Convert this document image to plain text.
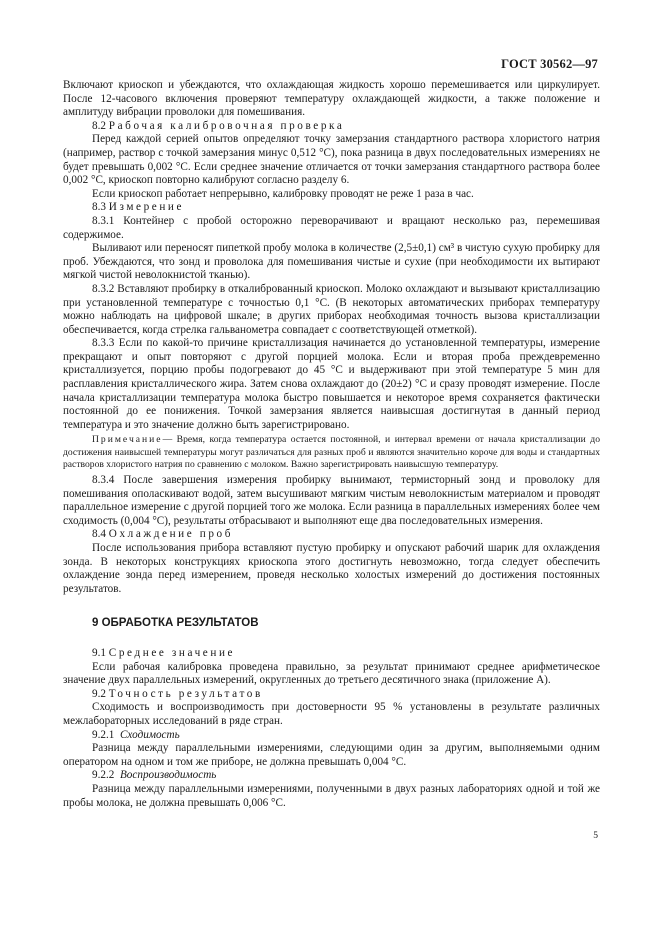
ГОСТ 30562—97

Включают криоскоп и убеждаются, что охлаждающая жидкость хорошо перемешивается или циркулирует. После 12-часового включения проверяют температуру охлаждающей жидкости, а также положение и амплитуду вибрации проволоки для помешивания.

8.2 Рабочая калибровочная проверка

Перед каждой серией опытов определяют точку замерзания стандартного раствора хлористого натрия (например, раствор с точкой замерзания минус 0,512 °С), пока разница в двух последовательных измерениях не будет превышать 0,002 °С. Если среднее значение отличается от точки замерзания стандартного раствора более 0,002 °С, криоскоп повторно калибруют согласно разделу 6.

Если криоскоп работает непрерывно, калибровку проводят не реже 1 раза в час.

8.3 Измерение

8.3.1 Контейнер с пробой осторожно переворачивают и вращают несколько раз, перемешивая содержимое.

Выливают или переносят пипеткой пробу молока в количестве (2,5±0,1) см³ в чистую сухую пробирку для проб. Убеждаются, что зонд и проволока для помешивания чистые и сухие (при необходимости их вытирают мягкой чистой неволокнистой тканью).

8.3.2 Вставляют пробирку в откалиброванный криоскоп. Молоко охлаждают и вызывают кристаллизацию при установленной температуре с точностью 0,1 °С. (В некоторых автоматических приборах температуру можно наблюдать на цифровой шкале; в других приборах необходимая точность вызова кристаллизации обеспечивается, когда стрелка гальванометра совпадает с соответствующей отметкой).

8.3.3 Если по какой-то причине кристаллизация начинается до установленной температуры, измерение прекращают и опыт повторяют с другой порцией молока. Если и вторая проба преждевременно кристаллизуется, порцию пробы подогревают до 45 °С и выдерживают при этой температуре 5 мин для расплавления кристаллического жира. Затем снова охлаждают до (20±2) °С и сразу проводят измерение. После начала кристаллизации температура молока быстро повышается и некоторое время сохраняется фактически постоянной до ее понижения. Точкой замерзания является наивысшая достигнутая в данный период температура и это значение должно быть зарегистрировано.

Примечание— Время, когда температура остается постоянной, и интервал времени от начала кристаллизации до достижения наивысшей температуры могут различаться для разных проб и являются значительно короче для воды и стандартных растворов хлористого натрия по сравнению с молоком. Важно зарегистрировать наивысшую температуру.

8.3.4 После завершения измерения пробирку вынимают, термисторный зонд и проволоку для помешивания ополаскивают водой, затем высушивают мягким чистым неволокнистым материалом и проводят параллельное измерение с другой порцией того же молока. Если разница в параллельных измерениях более чем сходимость (0,004 °С), результаты отбрасывают и выполняют еще два последовательных измерения.

8.4 Охлаждение проб

После использования прибора вставляют пустую пробирку и опускают рабочий шарик для охлаждения зонда. В некоторых конструкциях криоскопа этого достигнуть невозможно, тогда следует обеспечить охлаждение зонда перед измерением, проведя несколько холостых измерений до достижения постоянных результатов.

9 ОБРАБОТКА РЕЗУЛЬТАТОВ

9.1 Среднее значение

Если рабочая калибровка проведена правильно, за результат принимают среднее арифметическое значение двух параллельных измерений, округленных до третьего десятичного знака (приложение А).

9.2 Точность результатов

Сходимость и воспроизводимость при достоверности 95 % установлены в результате различных межлабораторных исследований в ряде стран.

9.2.1 Сходимость

Разница между параллельными измерениями, следующими один за другим, выполняемыми одним оператором на одном и том же приборе, не должна превышать 0,004 °С.

9.2.2 Воспроизводимость

Разница между параллельными измерениями, полученными в двух разных лабораториях одной и той же пробы молока, не должна превышать 0,006 °С.

5
